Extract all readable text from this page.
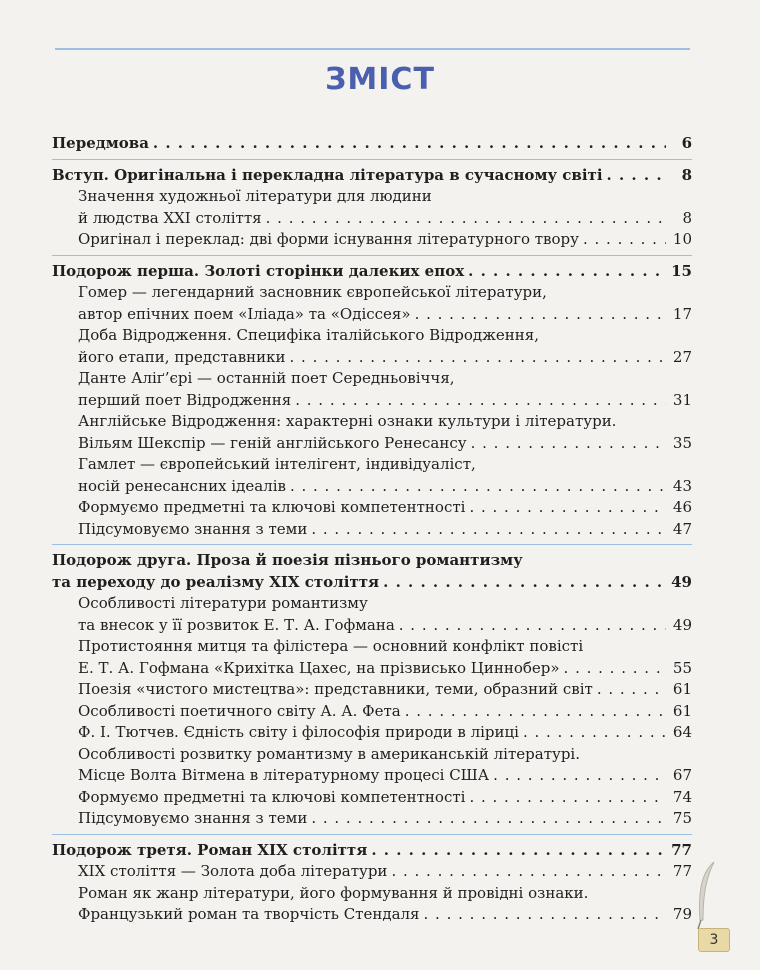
ЗМІСТ
Передмова . . .	6
Вступ. Оригінальна і перекладна література в сучасному світі . . .	8
Значення художньої літератури для людини
й людства XXI століття . . .	8
Оригінал і переклад: дві форми існування літературного твору . . .	10
Подорож перша. Золоті сторінки далеких епох . . .	15
Гомер — легендарний засновник європейської літератури,
автор епічних поем «Іліада» та «Одіссея» . . .	17
Доба Відродження. Специфіка італійського Відродження,
його етапи, представники . . .	27
Данте Аліґ’єрі — останній поет Середньовіччя,
перший поет Відродження . . .	31
Англійське Відродження: характерні ознаки культури і літератури.
Вільям Шекспір — геній англійського Ренесансу . . .	35
Гамлет — європейський інтелігент, індивідуаліст,
носій ренесансних ідеалів . . .	43
Формуємо предметні та ключові компетентності . . .	46
Підсумовуємо знання з теми . . .	47
Подорож друга. Проза й поезія пізнього романтизму
та переходу до реалізму XIX століття . . .	49
Особливості літератури романтизму
та внесок у її розвиток Е. Т. А. Гофмана . . .	49
Протистояння митця та філістера — основний конфлікт повісті
Е. Т. А. Гофмана «Крихітка Цахес, на прізвисько Циннобер» . . .	55
Поезія «чистого мистецтва»: представники, теми, образний світ . . .	61
Особливості поетичного світу А. А. Фета . . .	61
Ф. І. Тютчев. Єдність світу і філософія природи в ліриці . . .	64
Особливості розвитку романтизму в американській літературі.
Місце Волта Вітмена в літературному процесі США . . .	67
Формуємо предметні та ключові компетентності . . .	74
Підсумовуємо знання з теми . . .	75
Подорож третя. Роман XIX століття . . .	77
XIX століття — Золота доба літератури . . .	77
Роман як жанр літератури, його формування й провідні ознаки.
Французький роман та творчість Стендаля . . .	79
3
